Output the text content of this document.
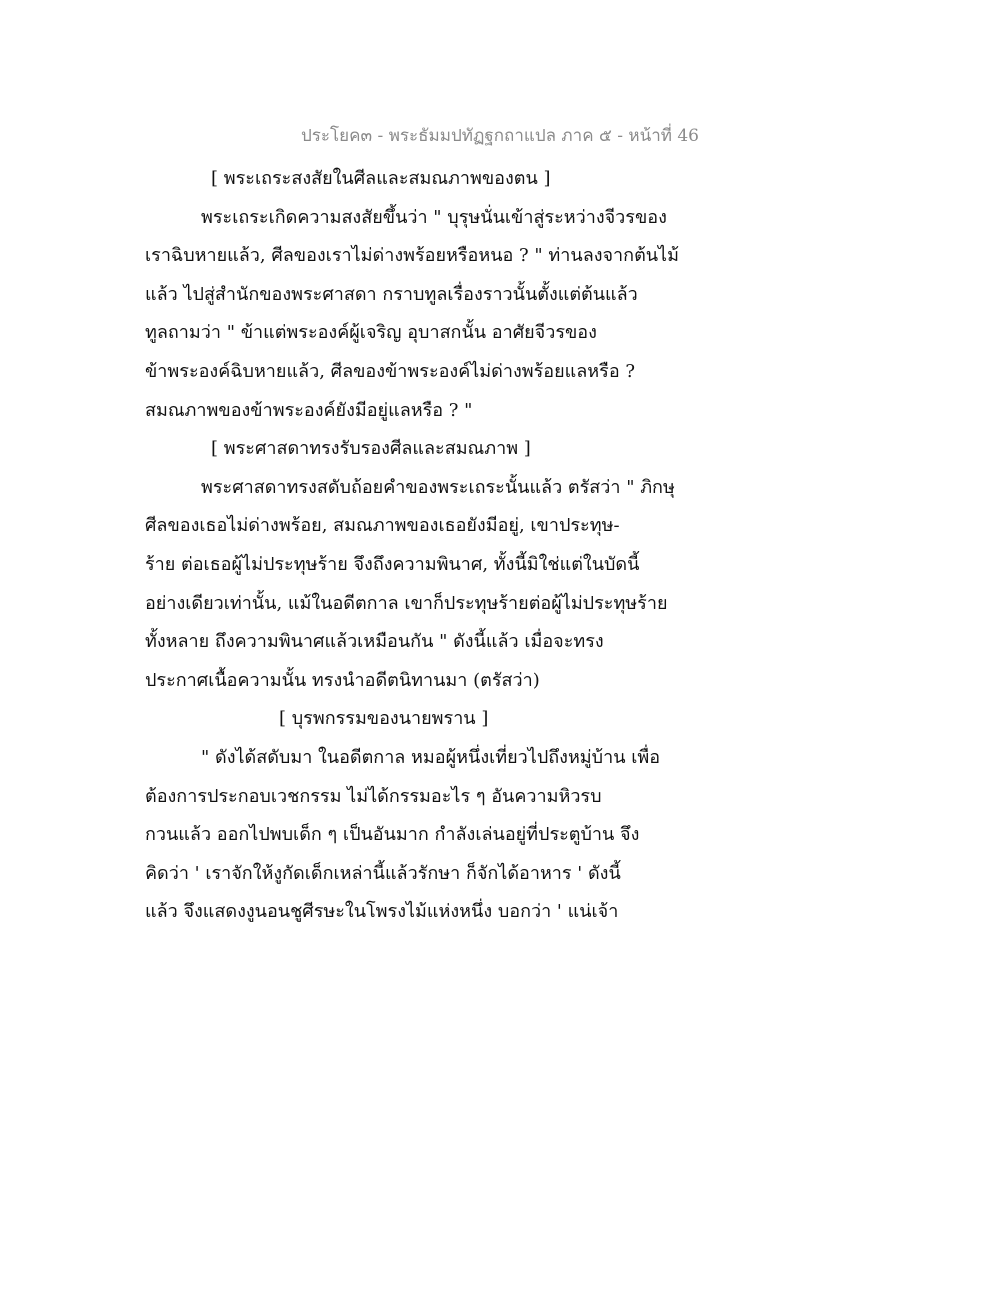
ประโยค๓ - พระธัมมปทัฏฐกถาแปล ภาค ๕ - หน้าที่ 46
[ พระเถระสงสัยในศีลและสมณภาพของตน ]
พระเถระเกิดความสงสัยขึ้นว่า " บุรุษนั่นเข้าสู่ระหว่างจีวรของ
เราฉิบหายแล้ว, ศีลของเราไม่ด่างพร้อยหรือหนอ ? " ท่านลงจากต้นไม้
แล้ว ไปสู่สำนักของพระศาสดา กราบทูลเรื่องราวนั้นตั้งแต่ต้นแล้ว
ทูลถามว่า " ข้าแต่พระองค์ผู้เจริญ อุบาสกนั้น อาศัยจีวรของ
ข้าพระองค์ฉิบหายแล้ว, ศีลของข้าพระองค์ไม่ด่างพร้อยแลหรือ ?
สมณภาพของข้าพระองค์ยังมีอยู่แลหรือ ? "
[ พระศาสดาทรงรับรองศีลและสมณภาพ ]
พระศาสดาทรงสดับถ้อยคำของพระเถระนั้นแล้ว ตรัสว่า " ภิกษุ
ศีลของเธอไม่ด่างพร้อย, สมณภาพของเธอยังมีอยู่, เขาประทุษ-
ร้าย ต่อเธอผู้ไม่ประทุษร้าย จึงถึงความพินาศ, ทั้งนี้มิใช่แต่ในบัดนี้
อย่างเดียวเท่านั้น, แม้ในอดีตกาล เขาก็ประทุษร้ายต่อผู้ไม่ประทุษร้าย
ทั้งหลาย ถึงความพินาศแล้วเหมือนกัน " ดังนี้แล้ว เมื่อจะทรง
ประกาศเนื้อความนั้น ทรงนำอดีตนิทานมา (ตรัสว่า)
[ บุรพกรรมของนายพราน ]
" ดังได้สดับมา ในอดีตกาล หมอผู้หนึ่งเที่ยวไปถึงหมู่บ้าน เพื่อ
ต้องการประกอบเวชกรรม ไม่ได้กรรมอะไร ๆ อันความหิวรบ
กวนแล้ว ออกไปพบเด็ก ๆ เป็นอันมาก กำลังเล่นอยู่ที่ประตูบ้าน จึง
คิดว่า ' เราจักให้งูกัดเด็กเหล่านี้แล้วรักษา ก็จักได้อาหาร ' ดังนี้
แล้ว จึงแสดงงูนอนชูศีรษะในโพรงไม้แห่งหนึ่ง บอกว่า ' แน่เจ้า
